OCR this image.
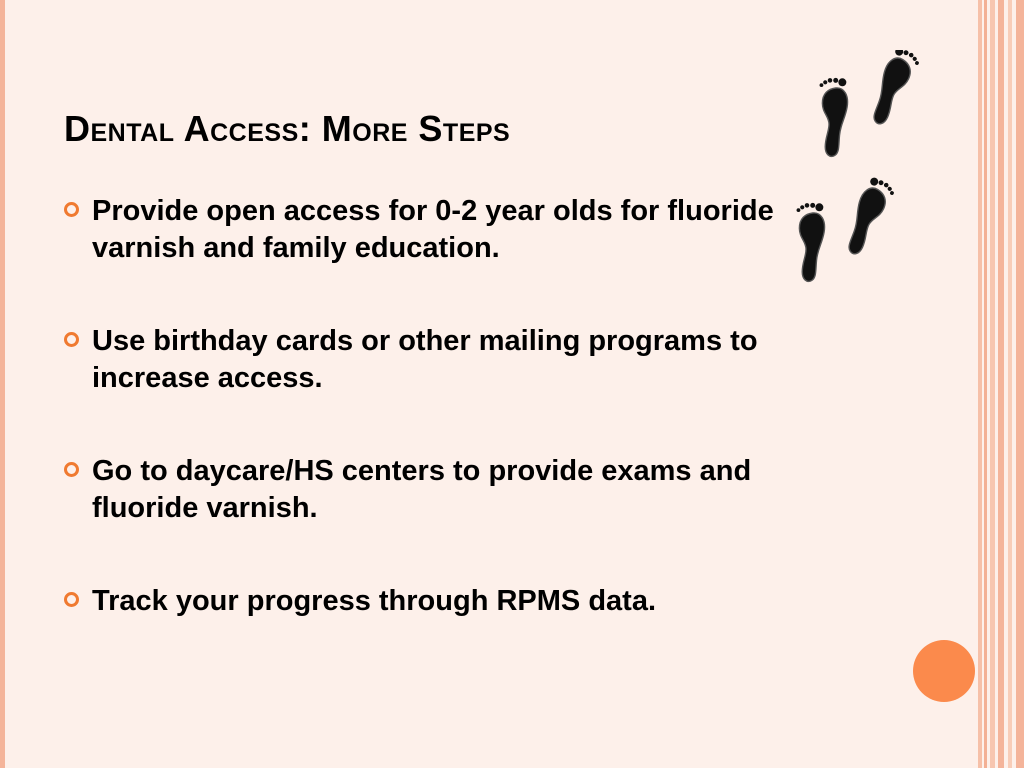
Dental Access: More Steps
Provide open access for 0-2 year olds for fluoride varnish and family education.
Use birthday cards or other mailing programs to increase access.
Go to daycare/HS centers to provide exams and fluoride varnish.
Track your progress through RPMS data.
